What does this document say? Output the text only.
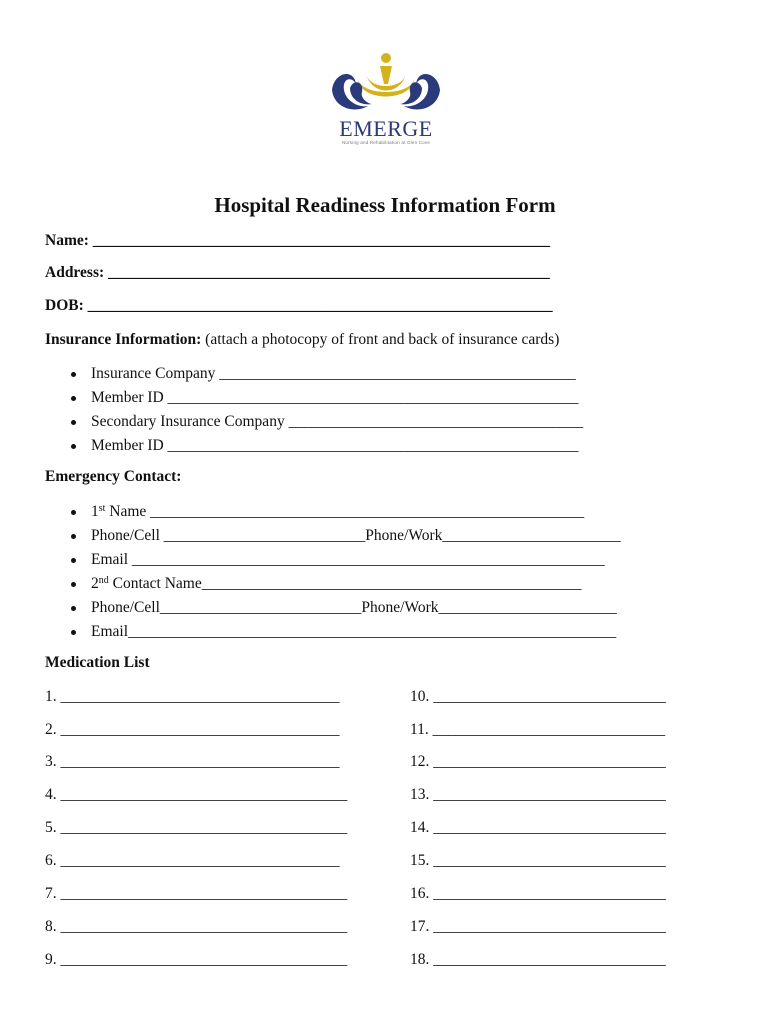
EMERGE
Nursing and Rehabilitation at Glen Cove
Hospital Readiness Information Form
Name: ___________________________________________________________
Address: _________________________________________________________
DOB: ____________________________________________________________
Insurance Information: (attach a photocopy of front and back of insurance cards)
Insurance Company ______________________________________________
Member ID _____________________________________________________
Secondary Insurance Company ______________________________________
Member ID _____________________________________________________
Emergency Contact:
1st Name ________________________________________________________
Phone/Cell __________________________Phone/Work_______________________
Email _____________________________________________________________
2nd Contact Name_________________________________________________
Phone/Cell__________________________Phone/Work_______________________
Email_______________________________________________________________
Medication List
1. ____________________________________
2. ____________________________________
3. ____________________________________
4. _____________________________________
5. _____________________________________
6. ____________________________________
7. _____________________________________
8. _____________________________________
9. _____________________________________
10. ______________________________
11. ______________________________
12. ______________________________
13. ______________________________
14. ______________________________
15. ______________________________
16. ______________________________
17. ______________________________
18. ______________________________
